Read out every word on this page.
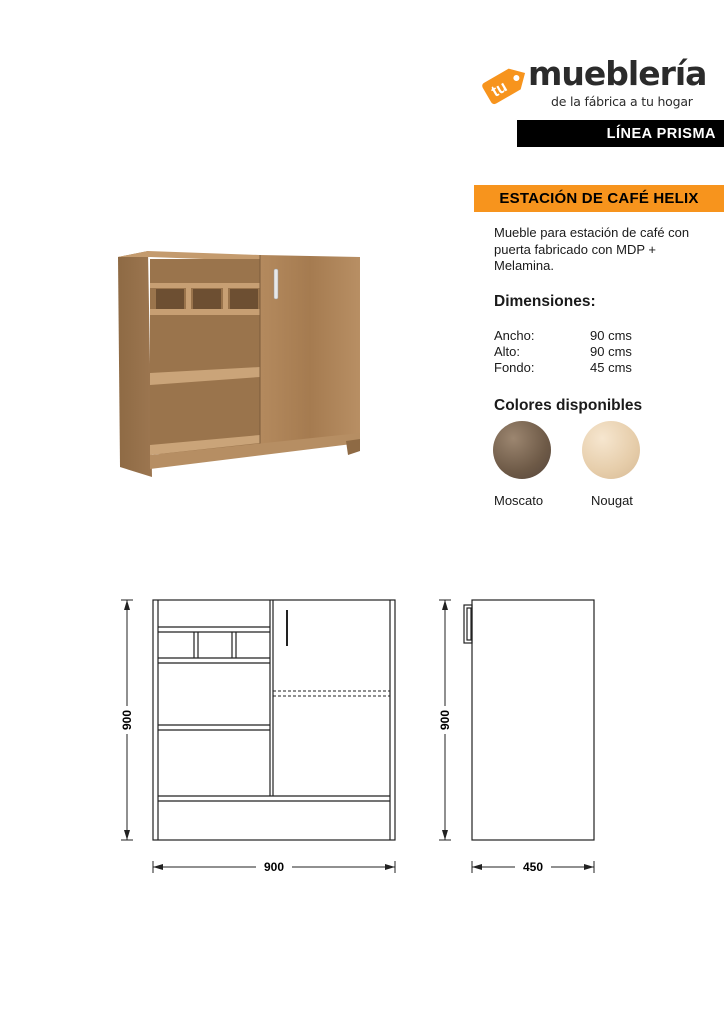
tu mueblería
de la fábrica a tu hogar
LÍNEA PRISMA
ESTACIÓN DE CAFÉ HELIX
Mueble para estación de café con puerta fabricado con MDP + Melamina.
Dimensiones:
Ancho:	90 cms
Alto:	90 cms
Fondo:	45 cms
Colores disponibles
Moscato	Nougat
900	900
900	450
